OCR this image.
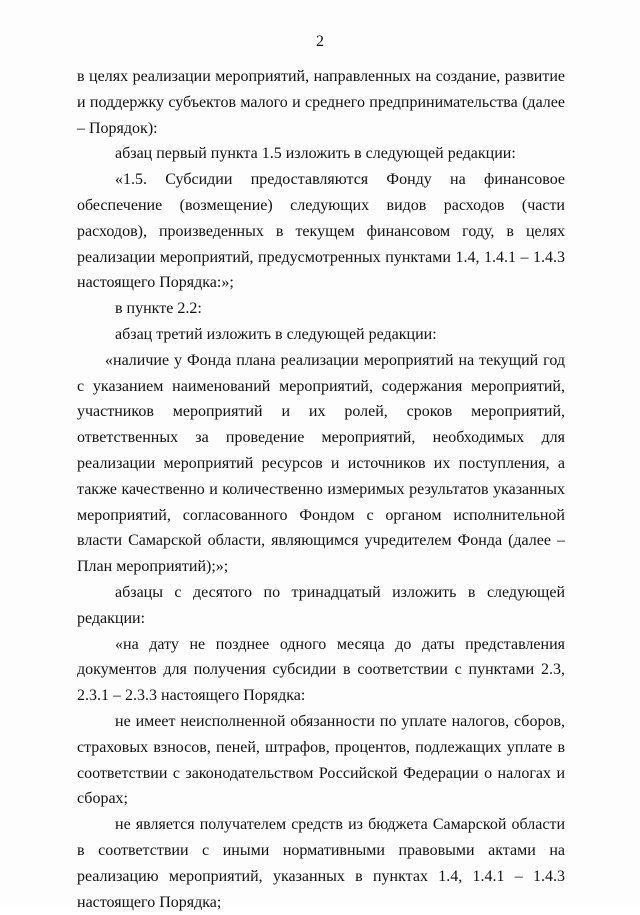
2

в целях реализации мероприятий, направленных на создание, развитие и поддержку субъектов малого и среднего предпринимательства (далее – Порядок):

абзац первый пункта 1.5 изложить в следующей редакции:

«1.5. Субсидии предоставляются Фонду на финансовое обеспечение (возмещение) следующих видов расходов (части расходов), произведенных в текущем финансовом году, в целях реализации мероприятий, предусмотренных пунктами 1.4, 1.4.1 – 1.4.3 настоящего Порядка:»;

в пункте 2.2:

абзац третий изложить в следующей редакции:

«наличие у Фонда плана реализации мероприятий на текущий год с указанием наименований мероприятий, содержания мероприятий, участников мероприятий и их ролей, сроков мероприятий, ответственных за проведение мероприятий, необходимых для реализации мероприятий ресурсов и источников их поступления, а также качественно и количественно измеримых результатов указанных мероприятий, согласованного Фондом с органом исполнительной власти Самарской области, являющимся учредителем Фонда (далее – План мероприятий);»;

абзацы с десятого по тринадцатый изложить в следующей редакции:

«на дату не позднее одного месяца до даты представления документов для получения субсидии в соответствии с пунктами 2.3, 2.3.1 – 2.3.3 настоящего Порядка:

не имеет неисполненной обязанности по уплате налогов, сборов, страховых взносов, пеней, штрафов, процентов, подлежащих уплате в соответствии с законодательством Российской Федерации о налогах и сборах;

не является получателем средств из бюджета Самарской области в соответствии с иными нормативными правовыми актами на реализацию мероприятий, указанных в пунктах 1.4, 1.4.1 – 1.4.3 настоящего Порядка;
